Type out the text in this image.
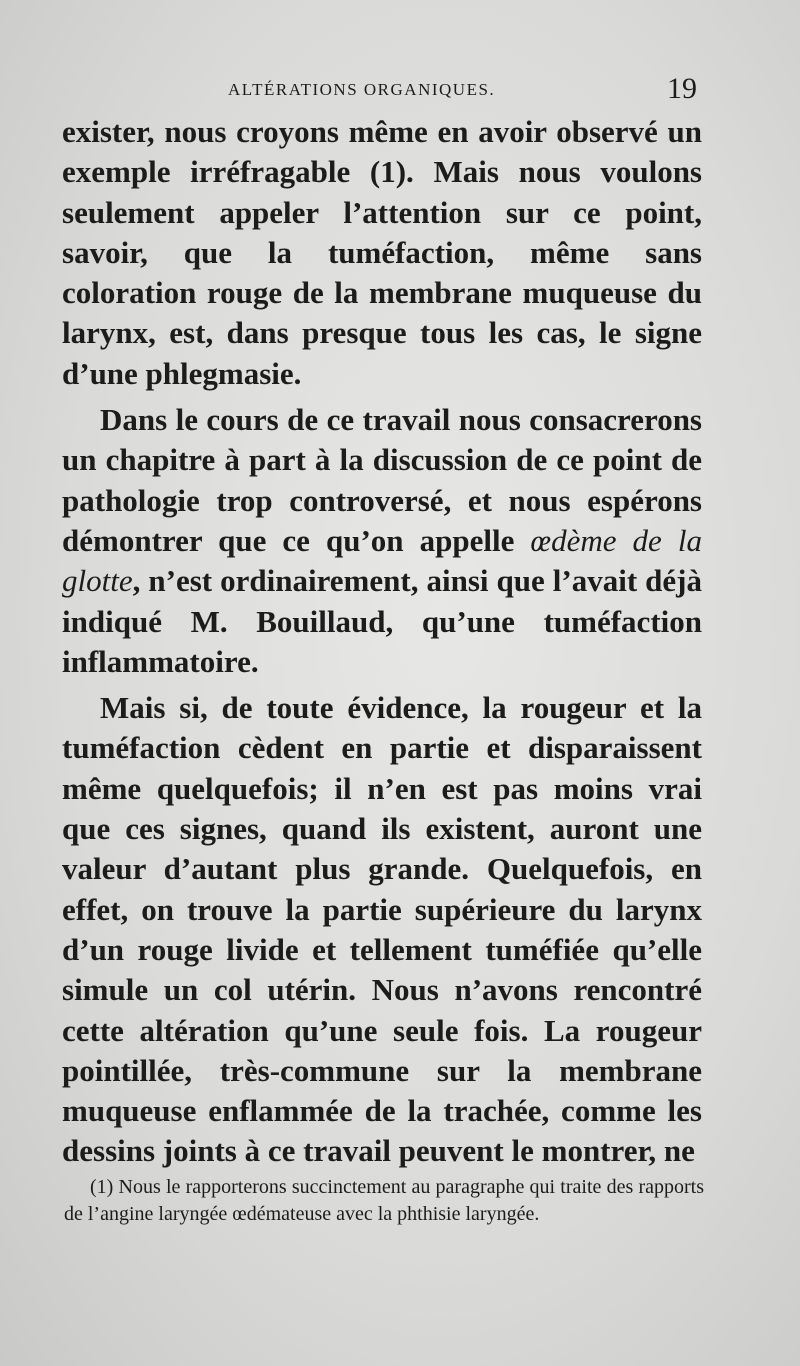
ALTÉRATIONS ORGANIQUES.	19

exister, nous croyons même en avoir observé un exemple irréfragable (1). Mais nous voulons seulement appeler l’attention sur ce point, savoir, que la tuméfaction, même sans coloration rouge de la membrane muqueuse du larynx, est, dans presque tous les cas, le signe d’une phlegmasie.

Dans le cours de ce travail nous consacrerons un chapitre à part à la discussion de ce point de pathologie trop controversé, et nous espérons démontrer que ce qu’on appelle œdème de la glotte, n’est ordinairement, ainsi que l’avait déjà indiqué M. Bouillaud, qu’une tuméfaction inflammatoire.

Mais si, de toute évidence, la rougeur et la tuméfaction cèdent en partie et disparaissent même quelquefois; il n’en est pas moins vrai que ces signes, quand ils existent, auront une valeur d’autant plus grande. Quelquefois, en effet, on trouve la partie supérieure du larynx d’un rouge livide et tellement tuméfiée qu’elle simule un col utérin. Nous n’avons rencontré cette altération qu’une seule fois. La rougeur pointillée, très-commune sur la membrane muqueuse enflammée de la trachée, comme les dessins joints à ce travail peuvent le montrer, ne

(1) Nous le rapporterons succinctement au paragraphe qui traite des rapports de l’angine laryngée œdémateuse avec la phthisie laryngée.
